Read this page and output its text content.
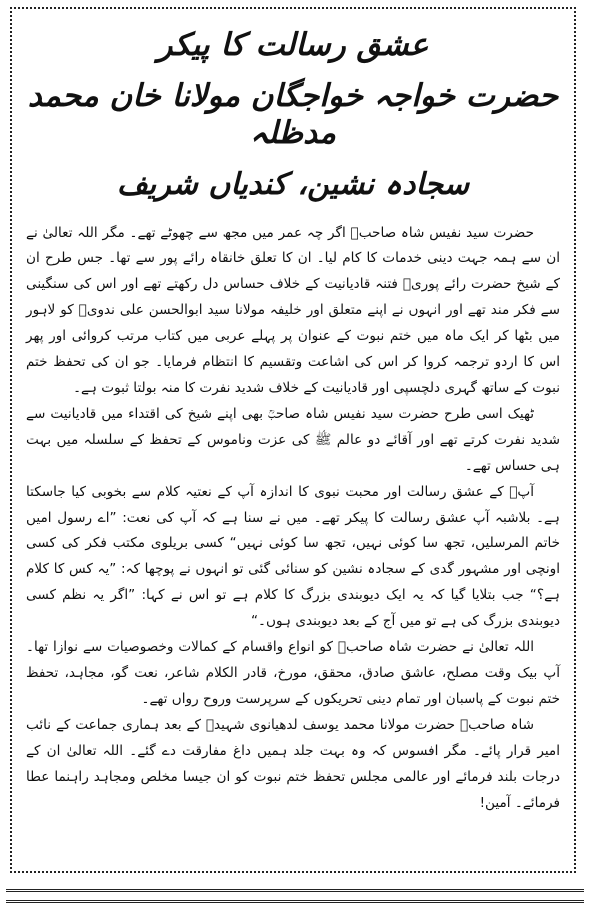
عشق رسالت کا پیکر
حضرت خواجہ خواجگان مولانا خان محمد مدظلہ
سجادہ نشین، کندیاں شریف

حضرت سید نفیس شاہ صاحبؒ اگر چہ عمر میں مجھ سے چھوٹے تھے۔ مگر اللہ تعالیٰ نے ان سے ہمہ جہت دینی خدمات کا کام لیا۔ ان کا تعلق خانقاہ رائے پور سے تھا۔ جس طرح ان کے شیخ حضرت رائے پوریؒ فتنہ قادیانیت کے خلاف حساس دل رکھتے تھے اور اس کی سنگینی سے فکر مند تھے اور انہوں نے اپنے متعلق اور خلیفہ مولانا سید ابوالحسن علی ندویؒ کو لاہور میں بٹھا کر ایک ماہ میں ختم نبوت کے عنوان پر پہلے عربی میں کتاب مرتب کروائی اور پھر اس کا اردو ترجمہ کروا کر اس کی اشاعت وتقسیم کا انتظام فرمایا۔ جو ان کی تحفظ ختم نبوت کے ساتھ گہری دلچسپی اور قادیانیت کے خلاف شدید نفرت کا منہ بولتا ثبوت ہے۔

ٹھیک اسی طرح حضرت سید نفیس شاہ صاحبؒ بھی اپنے شیخ کی اقتداء میں قادیانیت سے شدید نفرت کرتے تھے اور آقائے دو عالم ﷺ کی عزت وناموس کے تحفظ کے سلسلہ میں بہت ہی حساس تھے۔

آپؒ کے عشق رسالت اور محبت نبوی کا اندازہ آپ کے نعتیہ کلام سے بخوبی کیا جاسکتا ہے۔ بلاشبہ آپ عشق رسالت کا پیکر تھے۔ میں نے سنا ہے کہ آپ کی نعت: ”اے رسول امیں خاتم المرسلیں، تجھ سا کوئی نہیں، تجھ سا کوئی نہیں“ کسی بریلوی مکتب فکر کی کسی اونچی اور مشہور گدی کے سجادہ نشین کو سنائی گئی تو انہوں نے پوچھا کہ: ”یہ کس کا کلام ہے؟“ جب بتلایا گیا کہ یہ ایک دیوبندی بزرگ کا کلام ہے تو اس نے کہا: ”اگر یہ نظم کسی دیوبندی بزرگ کی ہے تو میں آج کے بعد دیوبندی ہوں۔“

اللہ تعالیٰ نے حضرت شاہ صاحبؒ کو انواع واقسام کے کمالات وخصوصیات سے نوازا تھا۔ آپ بیک وقت مصلح، عاشق صادق، محقق، مورخ، قادر الکلام شاعر، نعت گو، مجاہد، تحفظ ختم نبوت کے پاسبان اور تمام دینی تحریکوں کے سرپرست وروح رواں تھے۔

شاہ صاحبؒ حضرت مولانا محمد یوسف لدھیانوی شہیدؒ کے بعد ہماری جماعت کے نائب امیر قرار پائے۔ مگر افسوس کہ وہ بہت جلد ہمیں داغ مفارقت دے گئے۔ اللہ تعالیٰ ان کے درجات بلند فرمائے اور عالمی مجلس تحفظ ختم نبوت کو ان جیسا مخلص ومجاہد راہنما عطا فرمائے۔ آمین!
